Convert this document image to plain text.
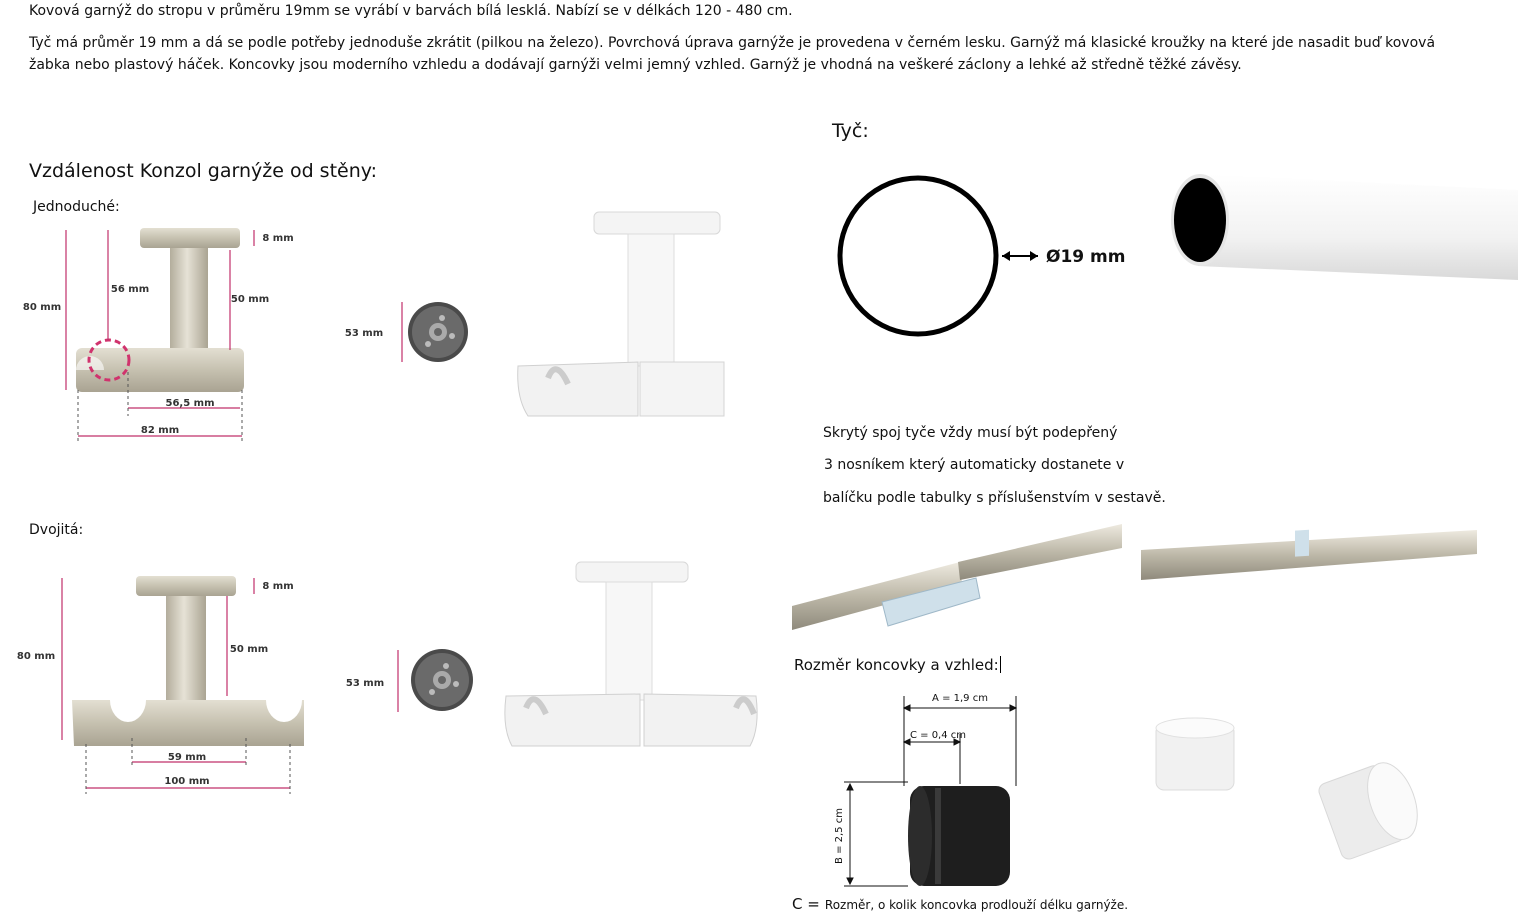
Kovová garnýž do stropu v průměru 19mm se vyrábí v barvách bílá lesklá. Nabízí se v délkách 120 - 480 cm.
Tyč má průměr 19 mm a dá se podle potřeby jednoduše zkrátit (pilkou na železo). Povrchová úprava garnýže je provedena v černém lesku. Garnýž má klasické kroužky na které jde nasadit buď kovová žabka nebo plastový háček. Koncovky jsou moderního vzhledu a dodávají garnýži velmi jemný vzhled. Garnýž je vhodná na veškeré záclony a lehké až středně těžké závěsy.
Vzdálenost Konzol garnýže od stěny:
Jednoduché:
Dvojitá:
80 mm
56 mm
50 mm
8 mm
56,5 mm
82 mm
53 mm
80 mm
50 mm
8 mm
59 mm
100 mm
53 mm
Tyč:
Ø19 mm
Skrytý spoj tyče vždy musí být podepřený
3 nosníkem který automaticky dostanete v
balíčku podle tabulky s příslušenstvím v sestavě.
Rozměr koncovky a vzhled:
A = 1,9 cm
C = 0,4 cm
B = 2,5 cm
C = Rozměr, o kolik koncovka prodlouží délku garnýže.
